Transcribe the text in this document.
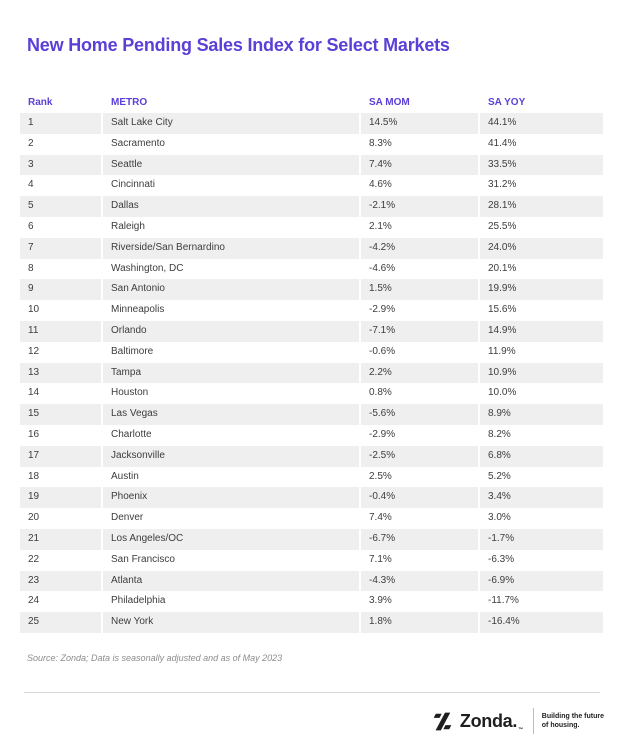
New Home Pending Sales Index for Select Markets
Rank	METRO	SA MOM	SA YOY
1	Salt Lake City	14.5%	44.1%
2	Sacramento	8.3%	41.4%
3	Seattle	7.4%	33.5%
4	Cincinnati	4.6%	31.2%
5	Dallas	-2.1%	28.1%
6	Raleigh	2.1%	25.5%
7	Riverside/San Bernardino	-4.2%	24.0%
8	Washington, DC	-4.6%	20.1%
9	San Antonio	1.5%	19.9%
10	Minneapolis	-2.9%	15.6%
11	Orlando	-7.1%	14.9%
12	Baltimore	-0.6%	11.9%
13	Tampa	2.2%	10.9%
14	Houston	0.8%	10.0%
15	Las Vegas	-5.6%	8.9%
16	Charlotte	-2.9%	8.2%
17	Jacksonville	-2.5%	6.8%
18	Austin	2.5%	5.2%
19	Phoenix	-0.4%	3.4%
20	Denver	7.4%	3.0%
21	Los Angeles/OC	-6.7%	-1.7%
22	San Francisco	7.1%	-6.3%
23	Atlanta	-4.3%	-6.9%
24	Philadelphia	3.9%	-11.7%
25	New York	1.8%	-16.4%

Source: Zonda; Data is seasonally adjusted and as of May 2023

Zonda. ™
Building the future
of housing.
